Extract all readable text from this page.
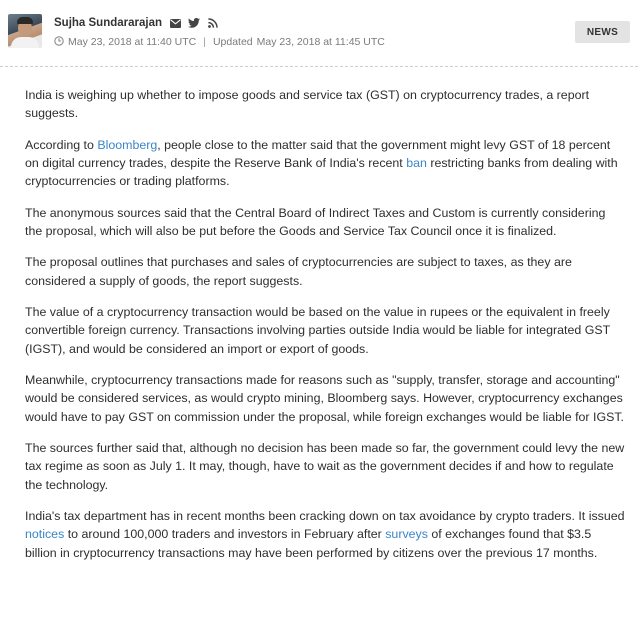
Sujha Sundararajan
May 23, 2018 at 11:40 UTC | Updated May 23, 2018 at 11:45 UTC
NEWS

India is weighing up whether to impose goods and service tax (GST) on cryptocurrency trades, a report suggests.

According to Bloomberg, people close to the matter said that the government might levy GST of 18 percent on digital currency trades, despite the Reserve Bank of India's recent ban restricting banks from dealing with cryptocurrencies or trading platforms.

The anonymous sources said that the Central Board of Indirect Taxes and Custom is currently considering the proposal, which will also be put before the Goods and Service Tax Council once it is finalized.

The proposal outlines that purchases and sales of cryptocurrencies are subject to taxes, as they are considered a supply of goods, the report suggests.

The value of a cryptocurrency transaction would be based on the value in rupees or the equivalent in freely convertible foreign currency. Transactions involving parties outside India would be liable for integrated GST (IGST), and would be considered an import or export of goods.

Meanwhile, cryptocurrency transactions made for reasons such as "supply, transfer, storage and accounting" would be considered services, as would crypto mining, Bloomberg says. However, cryptocurrency exchanges would have to pay GST on commission under the proposal, while foreign exchanges would be liable for IGST.

The sources further said that, although no decision has been made so far, the government could levy the new tax regime as soon as July 1. It may, though, have to wait as the government decides if and how to regulate the technology.

India's tax department has in recent months been cracking down on tax avoidance by crypto traders. It issued notices to around 100,000 traders and investors in February after surveys of exchanges found that $3.5 billion in cryptocurrency transactions may have been performed by citizens over the previous 17 months.
